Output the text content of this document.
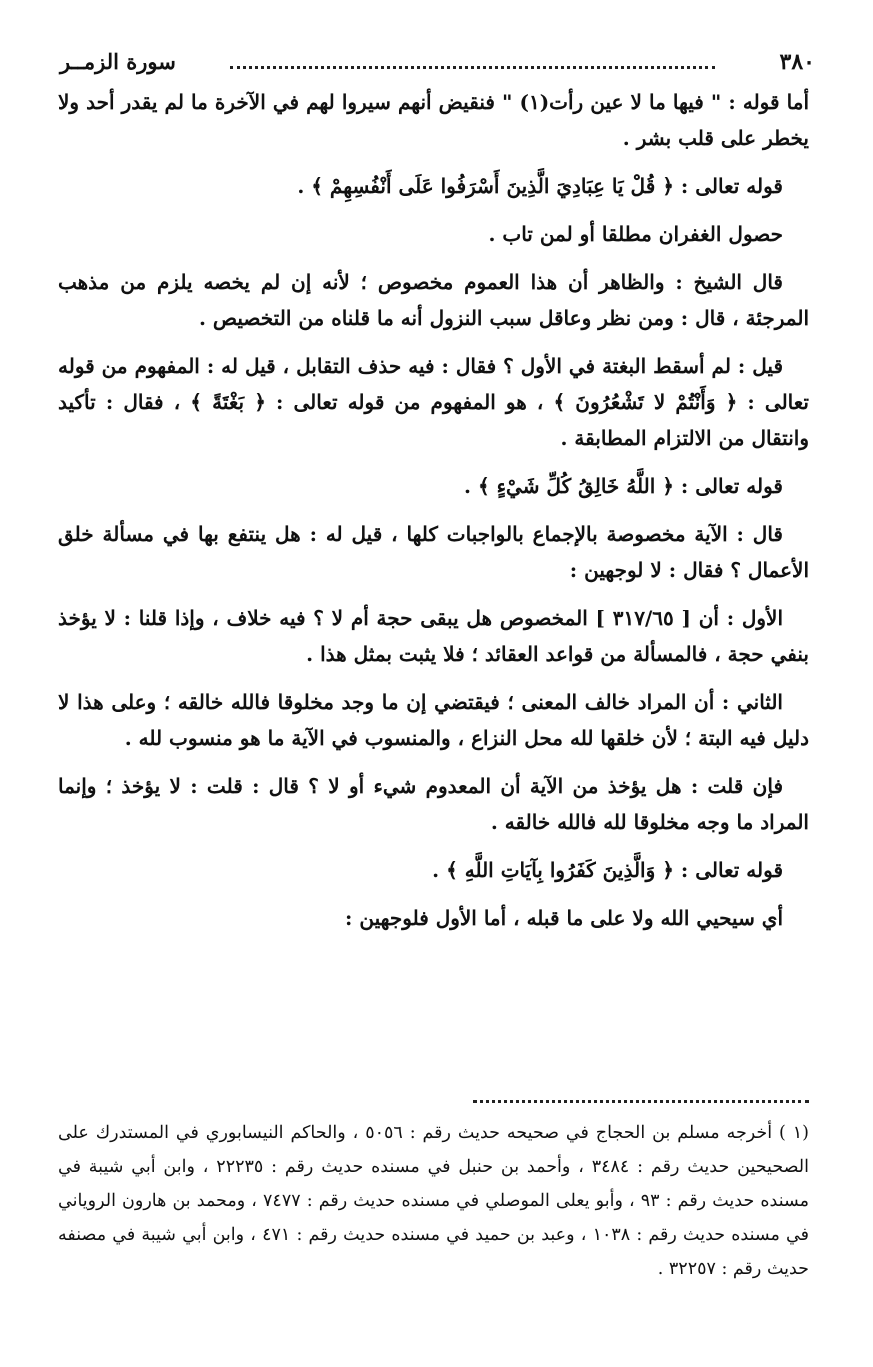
٣٨٠
سورة الزمــر

أما قوله : " فيها ما لا عين رأت(١) " فنقيض أنهم سيروا لهم في الآخرة ما لم يقدر أحد ولا يخطر على قلب بشر .

قوله تعالى : ﴿ قُلْ يَا عِبَادِيَ الَّذِينَ أَسْرَفُوا عَلَى أَنْفُسِهِمْ ﴾ .

حصول الغفران مطلقا أو لمن تاب .

قال الشيخ : والظاهر أن هذا العموم مخصوص ؛ لأنه إن لم يخصه يلزم من مذهب المرجئة ، قال : ومن نظر وعاقل سبب النزول أنه ما قلناه من التخصيص .

قيل : لم أسقط البغتة في الأول ؟ فقال : فيه حذف التقابل ، قيل له : المفهوم من قوله تعالى : ﴿ وَأَنْتُمْ لا تَشْعُرُونَ ﴾ ، هو المفهوم من قوله تعالى : ﴿ بَغْتَةً ﴾ ، فقال : تأكيد وانتقال من الالتزام المطابقة .

قوله تعالى : ﴿ اللَّهُ خَالِقُ كُلِّ شَيْءٍ ﴾ .

قال : الآية مخصوصة بالإجماع بالواجبات كلها ، قيل له : هل ينتفع بها في مسألة خلق الأعمال ؟ فقال : لا لوجهين :

الأول : أن [ ٣١٧/٦٥ ] المخصوص هل يبقى حجة أم لا ؟ فيه خلاف ، وإذا قلنا : لا يؤخذ بنفي حجة ، فالمسألة من قواعد العقائد ؛ فلا يثبت بمثل هذا .

الثاني : أن المراد خالف المعنى ؛ فيقتضي إن ما وجد مخلوقا فالله خالقه ؛ وعلى هذا لا دليل فيه البتة ؛ لأن خلقها لله محل النزاع ، والمنسوب في الآية ما هو منسوب لله .

فإن قلت : هل يؤخذ من الآية أن المعدوم شيء أو لا ؟ قال : قلت : لا يؤخذ ؛ وإنما المراد ما وجه مخلوقا لله فالله خالقه .

قوله تعالى : ﴿ وَالَّذِينَ كَفَرُوا بِآيَاتِ اللَّهِ ﴾ .

أي سيحيي الله ولا على ما قبله ، أما الأول فلوجهين :

(١ ) أخرجه مسلم بن الحجاج في صحيحه حديث رقم : ٥٠٥٦ ، والحاكم النيسابوري في المستدرك على الصحيحين حديث رقم : ٣٤٨٤ ، وأحمد بن حنبل في مسنده حديث رقم : ٢٢٢٣٥ ، وابن أبي شيبة في مسنده حديث رقم : ٩٣ ، وأبو يعلى الموصلي في مسنده حديث رقم : ٧٤٧٧ ، ومحمد بن هارون الروياني في مسنده حديث رقم : ١٠٣٨ ، وعبد بن حميد في مسنده حديث رقم : ٤٧١ ، وابن أبي شيبة في مصنفه حديث رقم : ٣٢٢٥٧ .
